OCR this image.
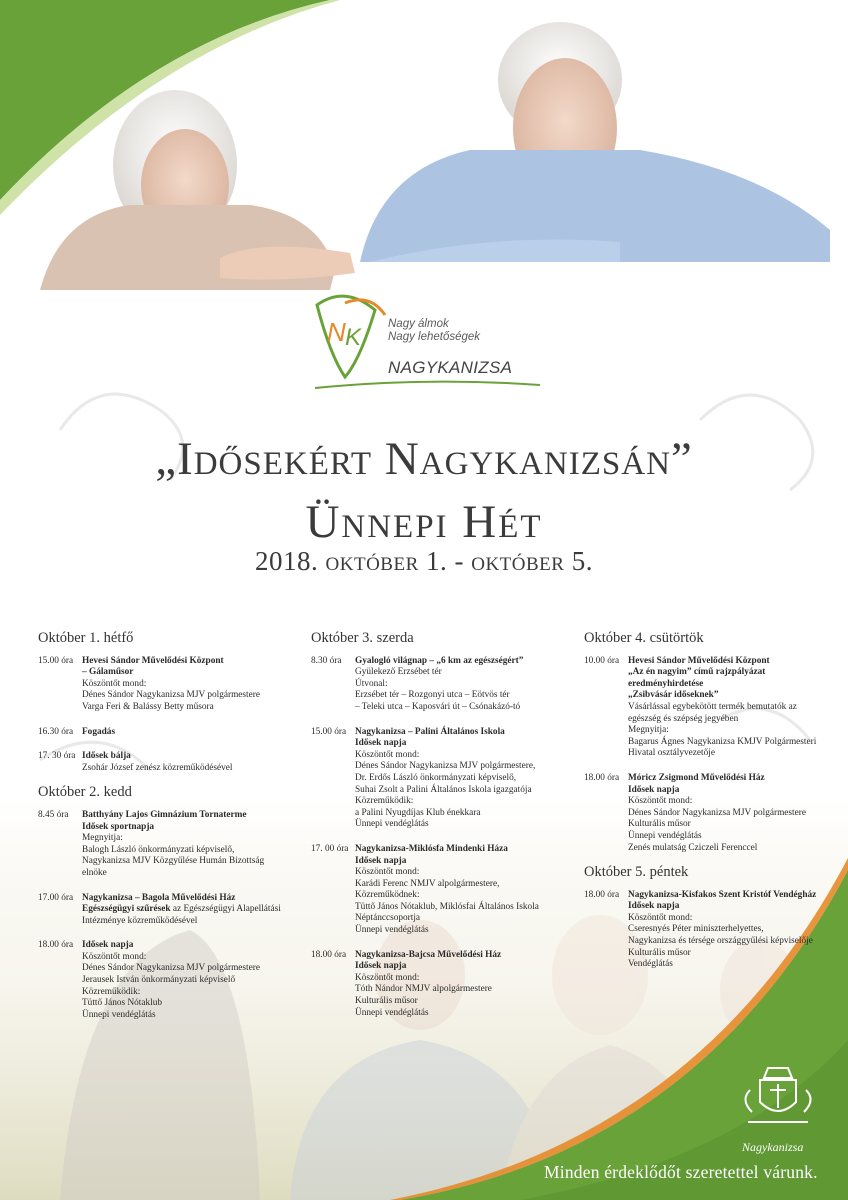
N K Nagy álmok
Nagy lehetőségek
NAGYKANIZSA
„Idősekért Nagykanizsán”
Ünnepi Hét
2018. október 1. - október 5.
Október 1. hétfő
15.00 óra Hevesi Sándor Művelődési Központ
– Gálaműsor
Köszöntőt mond:
Dénes Sándor Nagykanizsa MJV polgármestere
Varga Feri & Balássy Betty műsora
16.30 óra Fogadás
17. 30 óra Idősek bálja
Zsohár József zenész közreműködésével
Október 2. kedd
8.45 óra	Batthyány Lajos Gimnázium Tornaterme
Idősek sportnapja
Megnyitja:
Balogh László önkormányzati képviselő,
Nagykanizsa MJV Közgyűlése Humán Bizottság
elnöke
17.00 óra Nagykanizsa – Bagola Művelődési Ház
Egészségügyi szűrések az Egészségügyi Alapellátási
Intézménye közreműködésével
18.00 óra Idősek napja
Köszöntőt mond:
Dénes Sándor Nagykanizsa MJV polgármestere
Jerausek István önkormányzati képviselő
Közreműködik:
Tüttő János Nótaklub
Ünnepi vendéglátás
Október 3. szerda
8.30 óra	Gyalogló világnap – „6 km az egészségért”
Gyülekező Erzsébet tér
Útvonal:
Erzsébet tér – Rozgonyi utca – Eötvös tér
– Teleki utca – Kaposvári út – Csónakázó-tó
15.00 óra Nagykanizsa – Palini Általános Iskola
Idősek napja
Köszöntőt mond:
Dénes Sándor Nagykanizsa MJV polgármestere,
Dr. Erdős László önkormányzati képviselő,
Suhai Zsolt a Palini Általános Iskola igazgatója
Közreműködik:
a Palini Nyugdíjas Klub énekkara
Ünnepi vendéglátás
17. 00 óra Nagykanizsa-Miklósfa Mindenki Háza
Idősek napja
Köszöntőt mond:
Karádi Ferenc NMJV alpolgármestere,
Közreműködnek:
Tüttő János Nótaklub, Miklósfai Általános Iskola
Néptánccsoportja
Ünnepi vendéglátás
18.00 óra Nagykanizsa-Bajcsa Művelődési Ház
Idősek napja
Köszöntőt mond:
Tóth Nándor NMJV alpolgármestere
Kulturális műsor
Ünnepi vendéglátás
Október 4. csütörtök
10.00 óra Hevesi Sándor Művelődési Központ
„Az én nagyim” című rajzpályázat
eredményhirdetése
„Zsibvásár időseknek”
Vásárlással egybekötött termék bemutatók az
egészség és szépség jegyében
Megnyitja:
Bagarus Ágnes Nagykanizsa KMJV Polgármesteri
Hivatal osztályvezetője
18.00 óra Móricz Zsigmond Művelődési Ház
Idősek napja
Köszöntőt mond:
Dénes Sándor Nagykanizsa MJV polgármestere
Kulturális műsor
Ünnepi vendéglátás
Zenés mulatság Cziczeli Ferenccel
Október 5. péntek
18.00 óra Nagykanizsa-Kisfakos Szent Kristóf Vendégház
Idősek napja
Köszöntőt mond:
Cseresnyés Péter miniszterhelyettes,
Nagykanizsa és térsége országgyűlési képviselője
Kulturális műsor
Vendéglátás
Nagykanizsa
Minden érdeklődőt szeretettel várunk.
